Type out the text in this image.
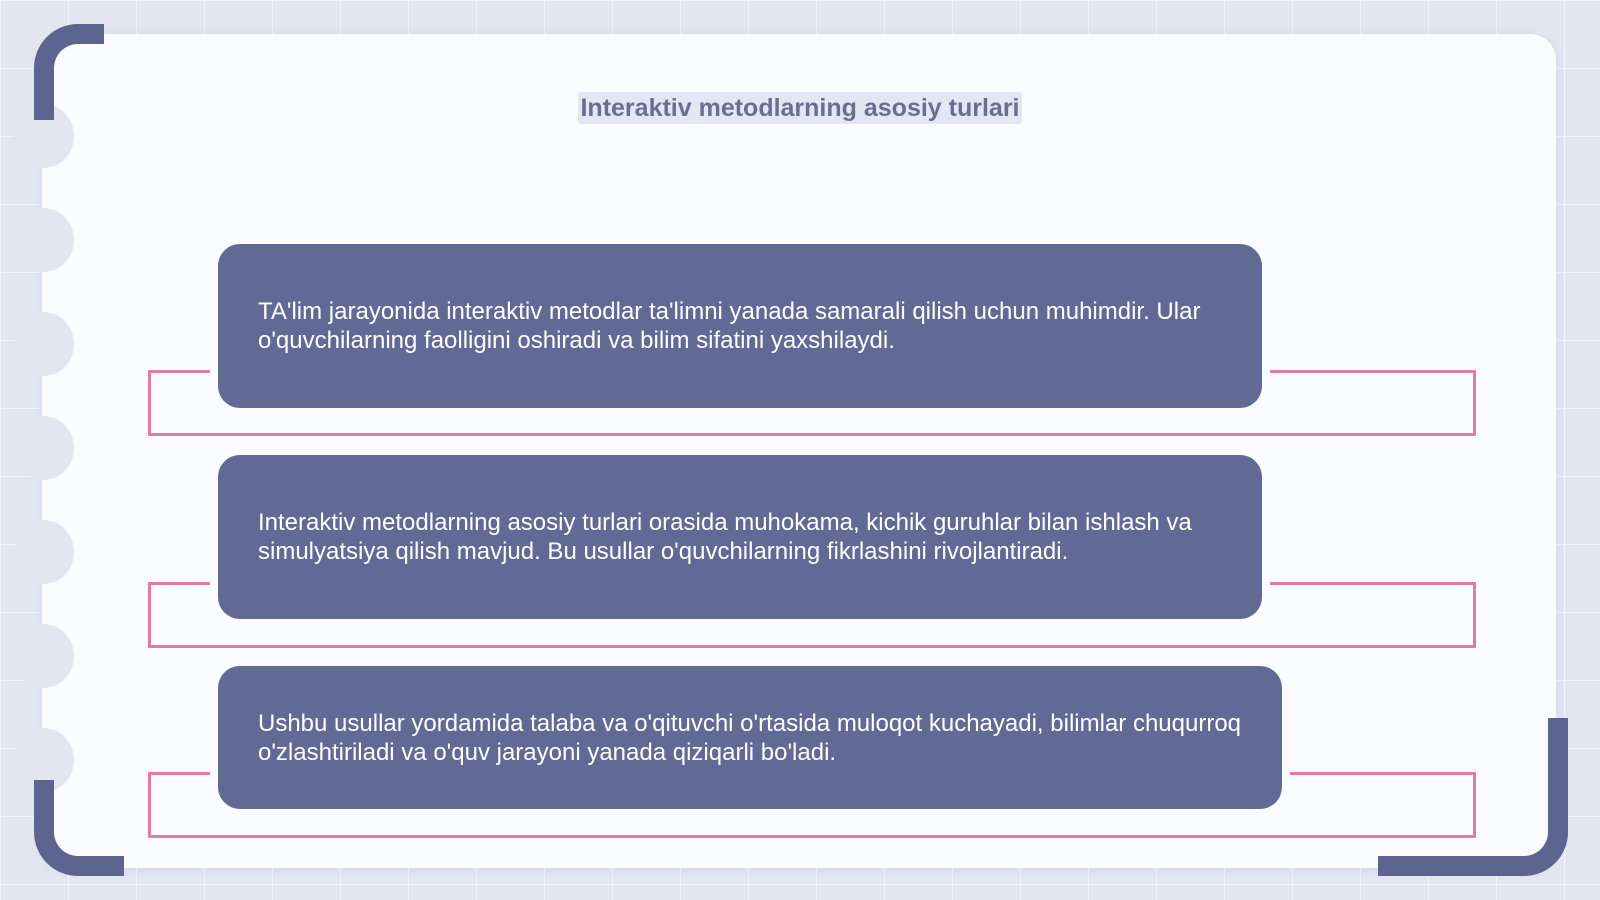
Interaktiv metodlarning asosiy turlari

TA'lim jarayonida interaktiv metodlar ta'limni yanada samarali qilish uchun muhimdir. Ular o'quvchilarning faolligini oshiradi va bilim sifatini yaxshilaydi.

Interaktiv metodlarning asosiy turlari orasida muhokama, kichik guruhlar bilan ishlash va simulyatsiya qilish mavjud. Bu usullar o'quvchilarning fikrlashini rivojlantiradi.

Ushbu usullar yordamida talaba va o'qituvchi o'rtasida muloqot kuchayadi, bilimlar chuqurroq o'zlashtiriladi va o'quv jarayoni yanada qiziqarli bo'ladi.
